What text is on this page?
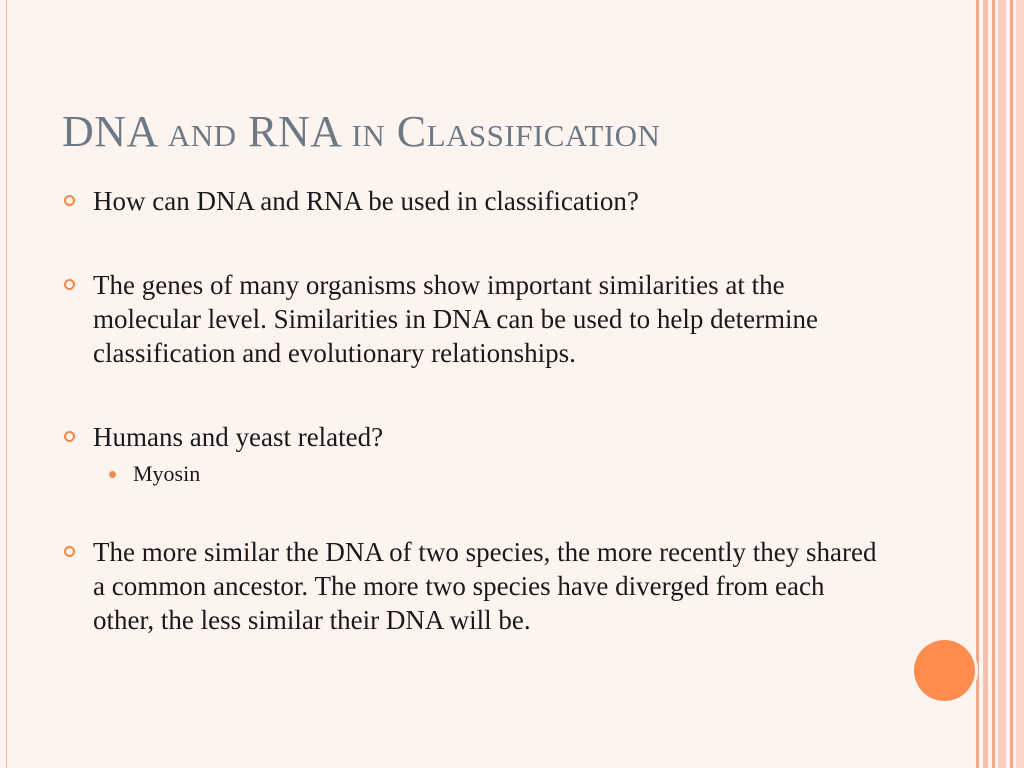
DNA and RNA in Classification
How can DNA and RNA be used in classification?
The genes of many organisms show important similarities at the molecular level. Similarities in DNA can be used to help determine classification and evolutionary relationships.
Humans and yeast related?
Myosin
The more similar the DNA of two species, the more recently they shared a common ancestor. The more two species have diverged from each other, the less similar their DNA will be.
